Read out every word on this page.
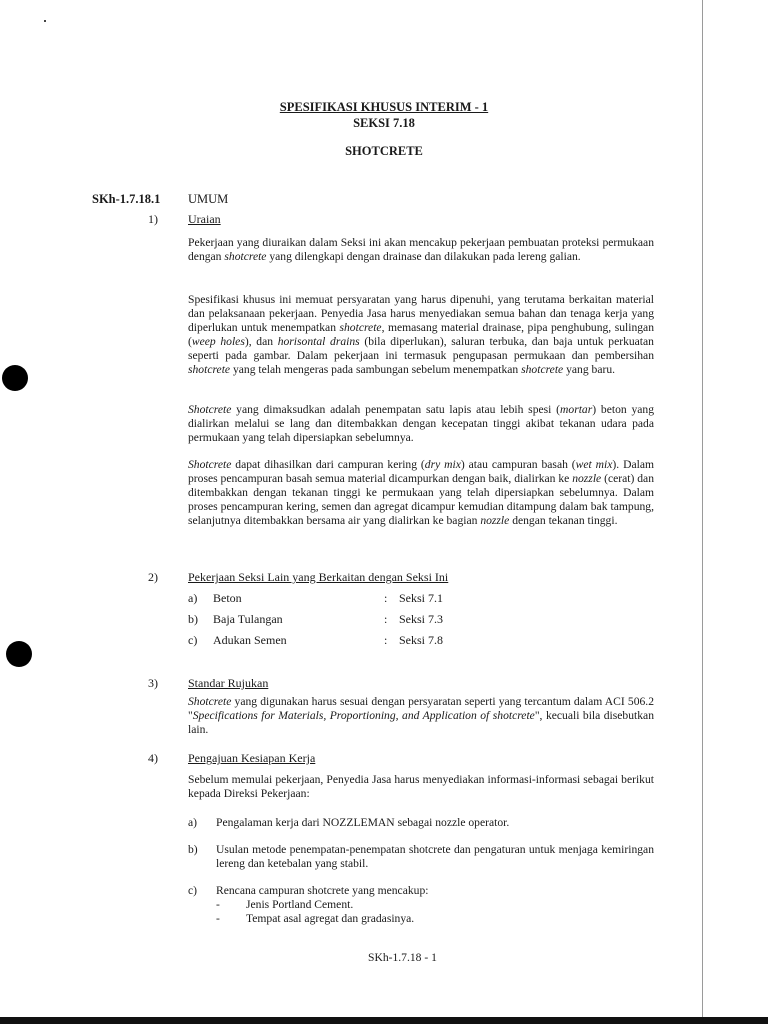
SPESIFIKASI KHUSUS INTERIM - 1
SEKSI 7.18
SHOTCRETE
SKh-1.7.18.1 UMUM
1)	Uraian
Pekerjaan yang diuraikan dalam Seksi ini akan mencakup pekerjaan pembuatan proteksi permukaan dengan shotcrete yang dilengkapi dengan drainase dan dilakukan pada lereng galian.
Spesifikasi khusus ini memuat persyaratan yang harus dipenuhi, yang terutama berkaitan material dan pelaksanaan pekerjaan. Penyedia Jasa harus menyediakan semua bahan dan tenaga kerja yang diperlukan untuk menempatkan shotcrete, memasang material drainase, pipa penghubung, sulingan (weep holes), dan horisontal drains (bila diperlukan), saluran terbuka, dan baja untuk perkuatan seperti pada gambar. Dalam pekerjaan ini termasuk pengupasan permukaan dan pembersihan shotcrete yang telah mengeras pada sambungan sebelum menempatkan shotcrete yang baru.
Shotcrete yang dimaksudkan adalah penempatan satu lapis atau lebih spesi (mortar) beton yang dialirkan melalui se lang dan ditembakkan dengan kecepatan tinggi akibat tekanan udara pada permukaan yang telah dipersiapkan sebelumnya.
Shotcrete dapat dihasilkan dari campuran kering (dry mix) atau campuran basah (wet mix). Dalam proses pencampuran basah semua material dicampurkan dengan baik, dialirkan ke nozzle (cerat) dan ditembakkan dengan tekanan tinggi ke permukaan yang telah dipersiapkan sebelumnya. Dalam proses pencampuran kering, semen dan agregat dicampur kemudian ditampung dalam bak tampung, selanjutnya ditembakkan bersama air yang dialirkan ke bagian nozzle dengan tekanan tinggi.
2)	Pekerjaan Seksi Lain yang Berkaitan dengan Seksi Ini
a) Beton	: Seksi 7.1
b) Baja Tulangan	: Seksi 7.3
c) Adukan Semen	: Seksi 7.8
3)	Standar Rujukan
Shotcrete yang digunakan harus sesuai dengan persyaratan seperti yang tercantum dalam ACI 506.2 "Specifications for Materials, Proportioning, and Application of shotcrete", kecuali bila disebutkan lain.
4)	Pengajuan Kesiapan Kerja
Sebelum memulai pekerjaan, Penyedia Jasa harus menyediakan informasi-informasi sebagai berikut kepada Direksi Pekerjaan:
a) Pengalaman kerja dari NOZZLEMAN sebagai nozzle operator.
b) Usulan metode penempatan-penempatan shotcrete dan pengaturan untuk menjaga kemiringan lereng dan ketebalan yang stabil.
c) Rencana campuran shotcrete yang mencakup:
- Jenis Portland Cement.
- Tempat asal agregat dan gradasinya.
SKh-1.7.18 - 1
